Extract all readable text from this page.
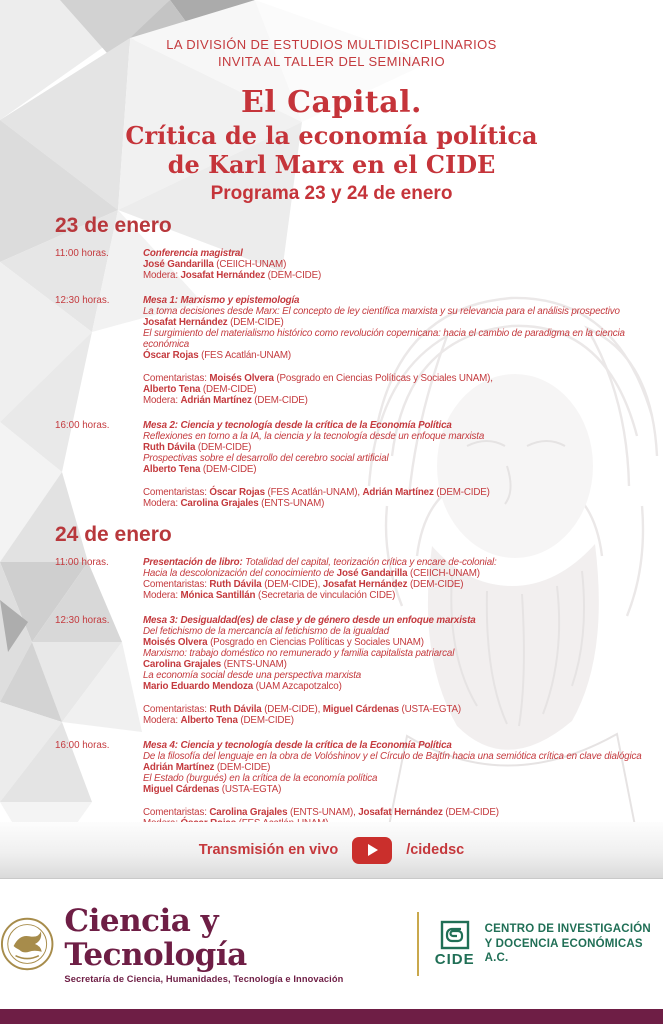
LA DIVISIÓN DE ESTUDIOS MULTIDISCIPLINARIOS
INVITA AL TALLER DEL SEMINARIO
El Capital.
Crítica de la economía política
de Karl Marx en el CIDE
Programa 23 y 24 de enero
23 de enero
11:00 horas.	Conferencia magistral
José Gandarilla (CEIICH-UNAM)
Modera: Josafat Hernández (DEM-CIDE)
12:30 horas.	Mesa 1: Marxismo y epistemología
La toma decisiones desde Marx: El concepto de ley científica marxista y su relevancia para el análisis prospectivo
Josafat Hernández (DEM-CIDE)
El surgimiento del materialismo histórico como revolución copernicana: hacia el cambio de paradigma en la ciencia económica
Óscar Rojas (FES Acatlán-UNAM)
Comentaristas: Moisés Olvera (Posgrado en Ciencias Políticas y Sociales UNAM),
Alberto Tena (DEM-CIDE)
Modera: Adrián Martínez (DEM-CIDE)
16:00 horas.	Mesa 2: Ciencia y tecnología desde la crítica de la Economía Política
Reflexiones en torno a la IA, la ciencia y la tecnología desde un enfoque marxista
Ruth Dávila (DEM-CIDE)
Prospectivas sobre el desarrollo del cerebro social artificial
Alberto Tena (DEM-CIDE)
Comentaristas: Óscar Rojas (FES Acatlán-UNAM), Adrián Martínez (DEM-CIDE)
Modera: Carolina Grajales (ENTS-UNAM)
24 de enero
11:00 horas.	Presentación de libro: Totalidad del capital, teorización crítica y encare de-colonial:
Hacia la descolonización del conocimiento de José Gandarilla (CEIICH-UNAM)
Comentaristas: Ruth Dávila (DEM-CIDE), Josafat Hernández (DEM-CIDE)
Modera: Mónica Santillán (Secretaria de vinculación CIDE)
12:30 horas.	Mesa 3: Desigualdad(es) de clase y de género desde un enfoque marxista
Del fetichismo de la mercancía al fetichismo de la igualdad
Moisés Olvera (Posgrado en Ciencias Políticas y Sociales UNAM)
Marxismo: trabajo doméstico no remunerado y familia capitalista patriarcal
Carolina Grajales (ENTS-UNAM)
La economía social desde una perspectiva marxista
Mario Eduardo Mendoza (UAM Azcapotzalco)
Comentaristas: Ruth Dávila (DEM-CIDE), Miguel Cárdenas (USTA-EGTA)
Modera: Alberto Tena (DEM-CIDE)
16:00 horas.	Mesa 4: Ciencia y tecnología desde la crítica de la Economía Política
De la filosofía del lenguaje en la obra de Volóshinov y el Círculo de Bajtín hacia una semiótica crítica en clave dialógica
Adrián Martínez (DEM-CIDE)
El Estado (burgués) en la crítica de la economía política
Miguel Cárdenas (USTA-EGTA)
Comentaristas: Carolina Grajales (ENTS-UNAM), Josafat Hernández (DEM-CIDE)
Transmisión en vivo	/cidedsc
Ciencia y Tecnología
Secretaría de Ciencia, Humanidades, Tecnología e Innovación
CIDE
CENTRO DE INVESTIGACIÓN
Y DOCENCIA ECONÓMICAS A.C.
